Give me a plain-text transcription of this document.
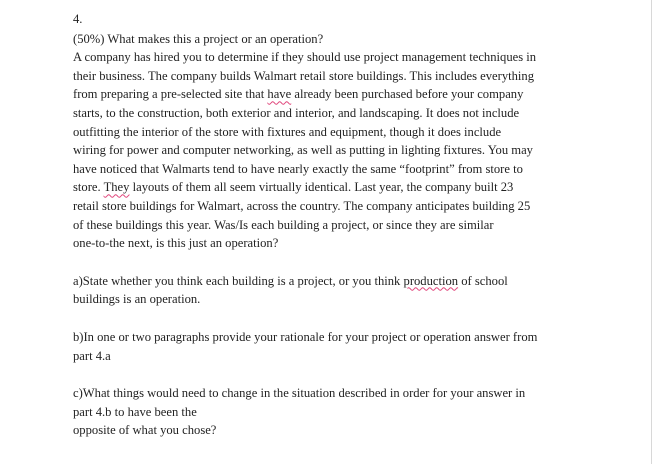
4.
(50%) What makes this a project or an operation?
A company has hired you to determine if they should use project management techniques in
their business. The company builds Walmart retail store buildings. This includes everything
from preparing a pre-selected site that have already been purchased before your company
starts, to the construction, both exterior and interior, and landscaping. It does not include
outfitting the interior of the store with fixtures and equipment, though it does include
wiring for power and computer networking, as well as putting in lighting fixtures. You may
have noticed that Walmarts tend to have nearly exactly the same “footprint” from store to
store. They layouts of them all seem virtually identical. Last year, the company built 23
retail store buildings for Walmart, across the country. The company anticipates building 25
of these buildings this year. Was/Is each building a project, or since they are similar
one-to-the next, is this just an operation?
a)State whether you think each building is a project, or you think production of school
buildings is an operation.
b)In one or two paragraphs provide your rationale for your project or operation answer from
part 4.a
c)What things would need to change in the situation described in order for your answer in
part 4.b to have been the
opposite of what you chose?
